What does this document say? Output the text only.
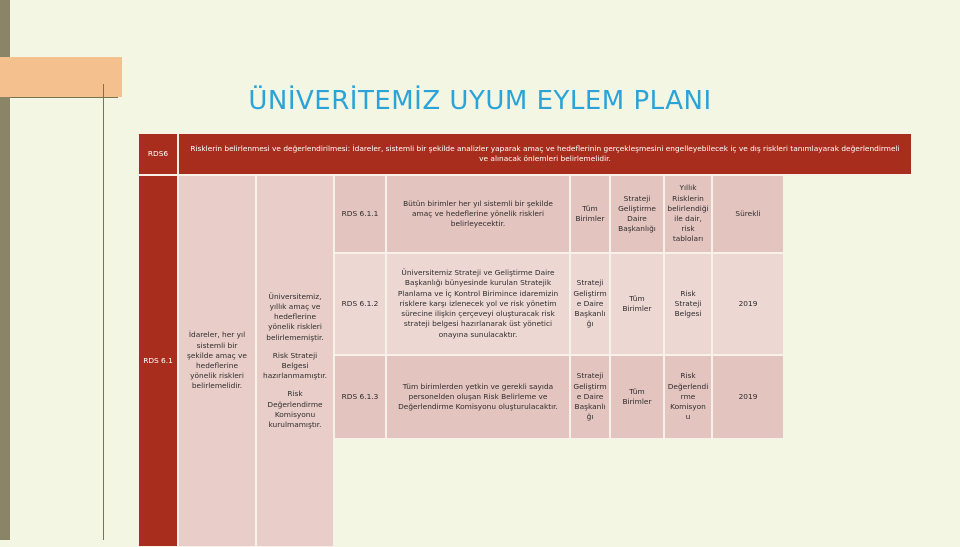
ÜNİVERİTEMİZ UYUM EYLEM PLANI
RDS6
Risklerin belirlenmesi ve değerlendirilmesi: İdareler, sistemli bir şekilde analizler yaparak amaç ve hedeflerinin gerçekleşmesini engelleyebilecek iç ve dış riskleri tanımlayarak değerlendirmeli ve alınacak önlemleri belirlemelidir.
RDS 6.1
İdareler, her yıl sistemli bir şekilde amaç ve hedeflerine yönelik riskleri belirlemelidir.
Üniversitemiz, yıllık amaç ve hedeflerine yönelik riskleri belirlememiştir.
Risk Strateji Belgesi hazırlanmamıştır.
Risk Değerlendirme Komisyonu kurulmamıştır.
RDS 6.1.1
Bütün birimler her yıl sistemli bir şekilde amaç ve hedeflerine yönelik riskleri belirleyecektir.
Tüm Birimler
Strateji Geliştirme Daire Başkanlığı
Yıllık Risklerin belirlendiği ile dair, risk tabloları
Sürekli
RDS 6.1.2
Üniversitemiz Strateji ve Geliştirme Daire Başkanlığı bünyesinde kurulan Stratejik Planlama ve İç Kontrol Birimince idaremizin risklere karşı izlenecek yol ve risk yönetim sürecine ilişkin çerçeveyi oluşturacak risk strateji belgesi hazırlanarak üst yönetici onayına sunulacaktır.
Strateji Geliştirm e Daire Başkanlı ğı
Tüm Birimler
Risk Strateji Belgesi
2019
RDS 6.1.3
Tüm birimlerden yetkin ve gerekli sayıda personelden oluşan Risk Belirleme ve Değerlendirme Komisyonu oluşturulacaktır.
Strateji Geliştirm e Daire Başkanlı ğı
Tüm Birimler
Risk Değerlendi rme Komisyon u
2019
